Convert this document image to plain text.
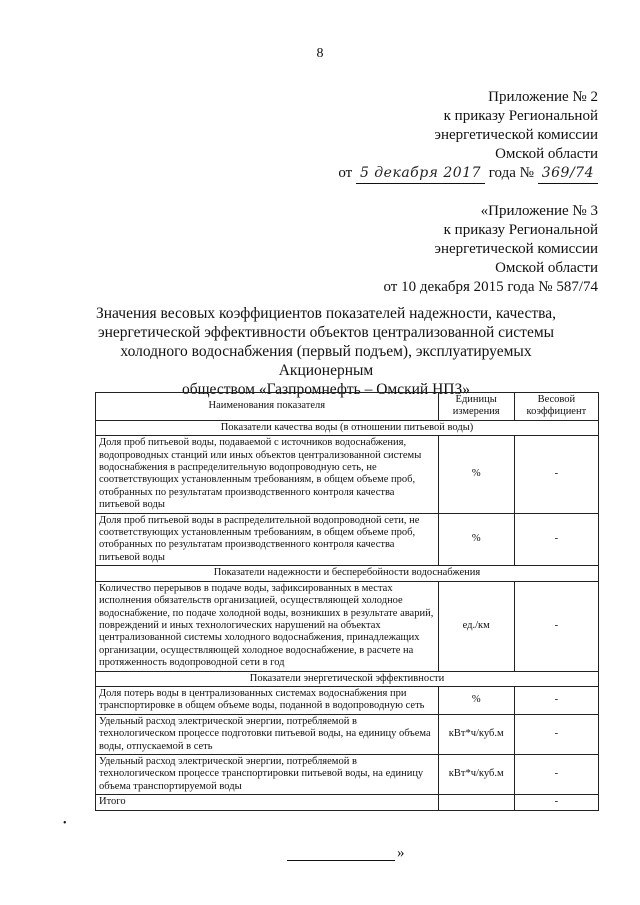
8
Приложение № 2
к приказу Региональной
энергетической комиссии
Омской области
от 5 декабря 2017 года № 369/74
«Приложение № 3
к приказу Региональной
энергетической комиссии
Омской области
от 10 декабря 2015 года № 587/74
Значения весовых коэффициентов показателей надежности, качества,
энергетической эффективности объектов централизованной системы
холодного водоснабжения (первый подъем), эксплуатируемых Акционерным
обществом «Газпромнефть – Омский НПЗ»
Наименования показателя	Единицы измерения	Весовой коэффициент
Показатели качества воды (в отношении питьевой воды)		
Доля проб питьевой воды, подаваемой с источников водоснабжения, водопроводных станций или иных объектов централизованной системы водоснабжения в распределительную водопроводную сеть, не соответствующих установленным требованиям, в общем объеме проб, отобранных по результатам производственного контроля качества питьевой воды	%	-
Доля проб питьевой воды в распределительной водопроводной сети, не соответствующих установленным требованиям, в общем объеме проб, отобранных по результатам производственного контроля качества питьевой воды	%	-
Показатели надежности и бесперебойности водоснабжения		
Количество перерывов в подаче воды, зафиксированных в местах исполнения обязательств организацией, осуществляющей холодное водоснабжение, по подаче холодной воды, возникших в результате аварий, повреждений и иных технологических нарушений на объектах централизованной системы холодного водоснабжения, принадлежащих организации, осуществляющей холодное водоснабжение, в расчете на протяженность водопроводной сети в год	ед./км	-
Показатели энергетической эффективности		
Доля потерь воды в централизованных системах водоснабжения при транспортировке в общем объеме воды, поданной в водопроводную сеть	%	-
Удельный расход электрической энергии, потребляемой в технологическом процессе подготовки питьевой воды, на единицу объема воды, отпускаемой в сеть	кВт*ч/куб.м	-
Удельный расход электрической энергии, потребляемой в технологическом процессе транспортировки питьевой воды, на единицу объема транспортируемой воды	кВт*ч/куб.м	-
Итого		-
•
»
